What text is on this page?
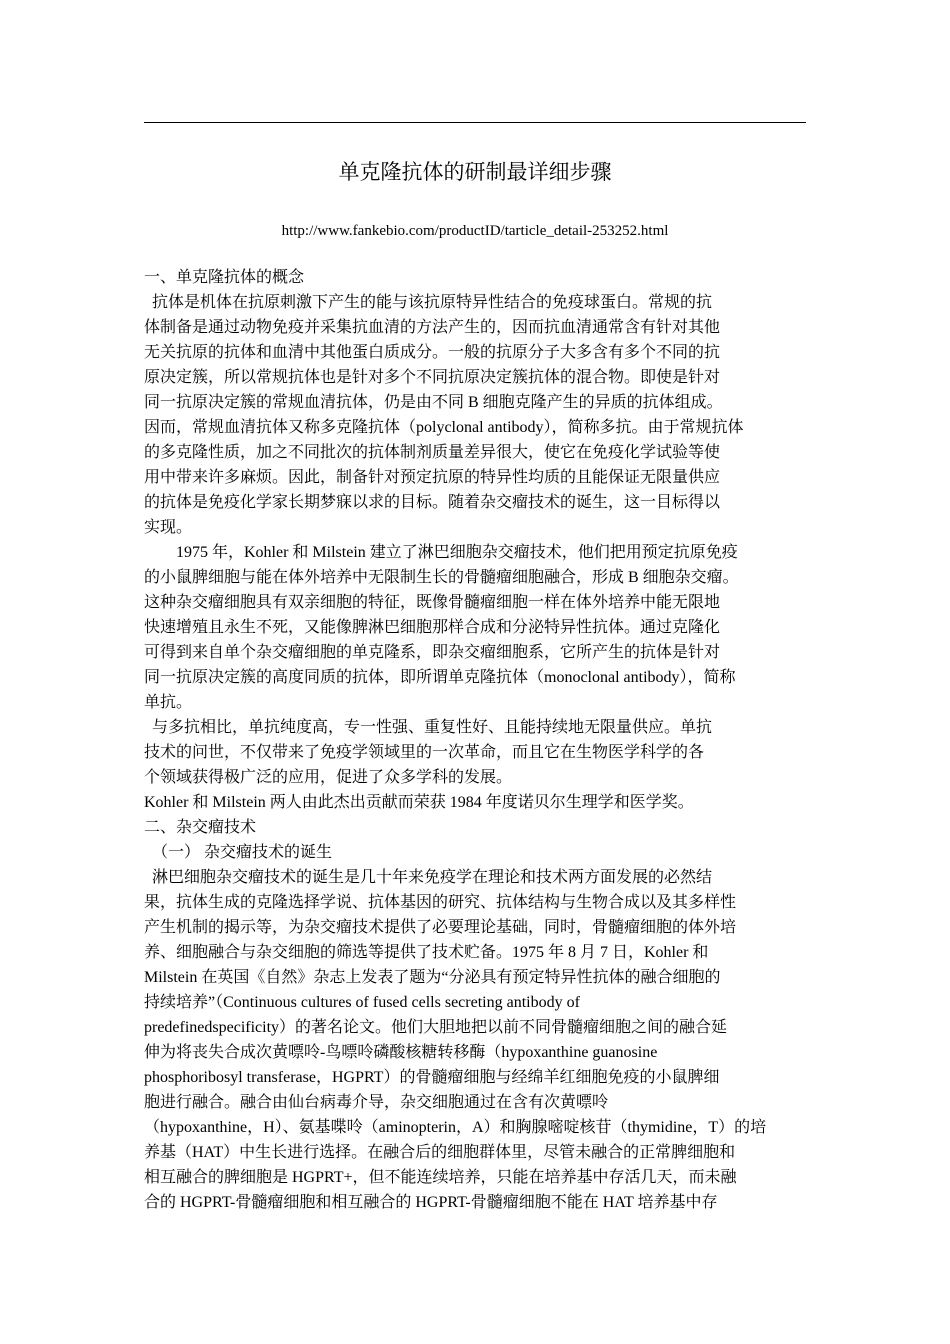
单克隆抗体的研制最详细步骤
http://www.fankebio.com/productID/tarticle_detail-253252.html
一、单克隆抗体的概念
抗体是机体在抗原刺激下产生的能与该抗原特异性结合的免疫球蛋白。常规的抗
体制备是通过动物免疫并采集抗血清的方法产生的，因而抗血清通常含有针对其他
无关抗原的抗体和血清中其他蛋白质成分。一般的抗原分子大多含有多个不同的抗
原决定簇，所以常规抗体也是针对多个不同抗原决定簇抗体的混合物。即使是针对
同一抗原决定簇的常规血清抗体，仍是由不同 B 细胞克隆产生的异质的抗体组成。
因而，常规血清抗体又称多克隆抗体（polyclonal antibody），简称多抗。由于常规抗体
的多克隆性质，加之不同批次的抗体制剂质量差异很大，使它在免疫化学试验等使
用中带来许多麻烦。因此，制备针对预定抗原的特异性均质的且能保证无限量供应
的抗体是免疫化学家长期梦寐以求的目标。随着杂交瘤技术的诞生，这一目标得以
实现。
1975 年，Kohler 和 Milstein 建立了淋巴细胞杂交瘤技术，他们把用预定抗原免疫
的小鼠脾细胞与能在体外培养中无限制生长的骨髓瘤细胞融合，形成 B 细胞杂交瘤。
这种杂交瘤细胞具有双亲细胞的特征，既像骨髓瘤细胞一样在体外培养中能无限地
快速增殖且永生不死，又能像脾淋巴细胞那样合成和分泌特异性抗体。通过克隆化
可得到来自单个杂交瘤细胞的单克隆系，即杂交瘤细胞系，它所产生的抗体是针对
同一抗原决定簇的高度同质的抗体，即所谓单克隆抗体（monoclonal antibody），简称
单抗。
与多抗相比，单抗纯度高，专一性强、重复性好、且能持续地无限量供应。单抗
技术的问世，不仅带来了免疫学领域里的一次革命，而且它在生物医学科学的各
个领域获得极广泛的应用，促进了众多学科的发展。
Kohler 和 Milstein 两人由此杰出贡献而荣获 1984 年度诺贝尔生理学和医学奖。
二、杂交瘤技术
（一） 杂交瘤技术的诞生
淋巴细胞杂交瘤技术的诞生是几十年来免疫学在理论和技术两方面发展的必然结
果，抗体生成的克隆选择学说、抗体基因的研究、抗体结构与生物合成以及其多样性
产生机制的揭示等，为杂交瘤技术提供了必要理论基础，同时，骨髓瘤细胞的体外培
养、细胞融合与杂交细胞的筛选等提供了技术贮备。1975 年 8 月 7 日，Kohler 和
Milstein 在英国《自然》杂志上发表了题为“分泌具有预定特异性抗体的融合细胞的
持续培养”（Continuous cultures of fused cells secreting antibody of
predefinedspecificity）的著名论文。他们大胆地把以前不同骨髓瘤细胞之间的融合延
伸为将丧失合成次黄嘌呤-鸟嘌呤磷酸核糖转移酶（hypoxanthine guanosine
phosphoribosyl transferase，HGPRT）的骨髓瘤细胞与经绵羊红细胞免疫的小鼠脾细
胞进行融合。融合由仙台病毒介导，杂交细胞通过在含有次黄嘌呤
（hypoxanthine，H）、氨基喋呤（aminopterin，A）和胸腺嘧啶核苷（thymidine，T）的培
养基（HAT）中生长进行选择。在融合后的细胞群体里，尽管未融合的正常脾细胞和
相互融合的脾细胞是 HGPRT+，但不能连续培养，只能在培养基中存活几天，而未融
合的 HGPRT-骨髓瘤细胞和相互融合的 HGPRT-骨髓瘤细胞不能在 HAT 培养基中存
